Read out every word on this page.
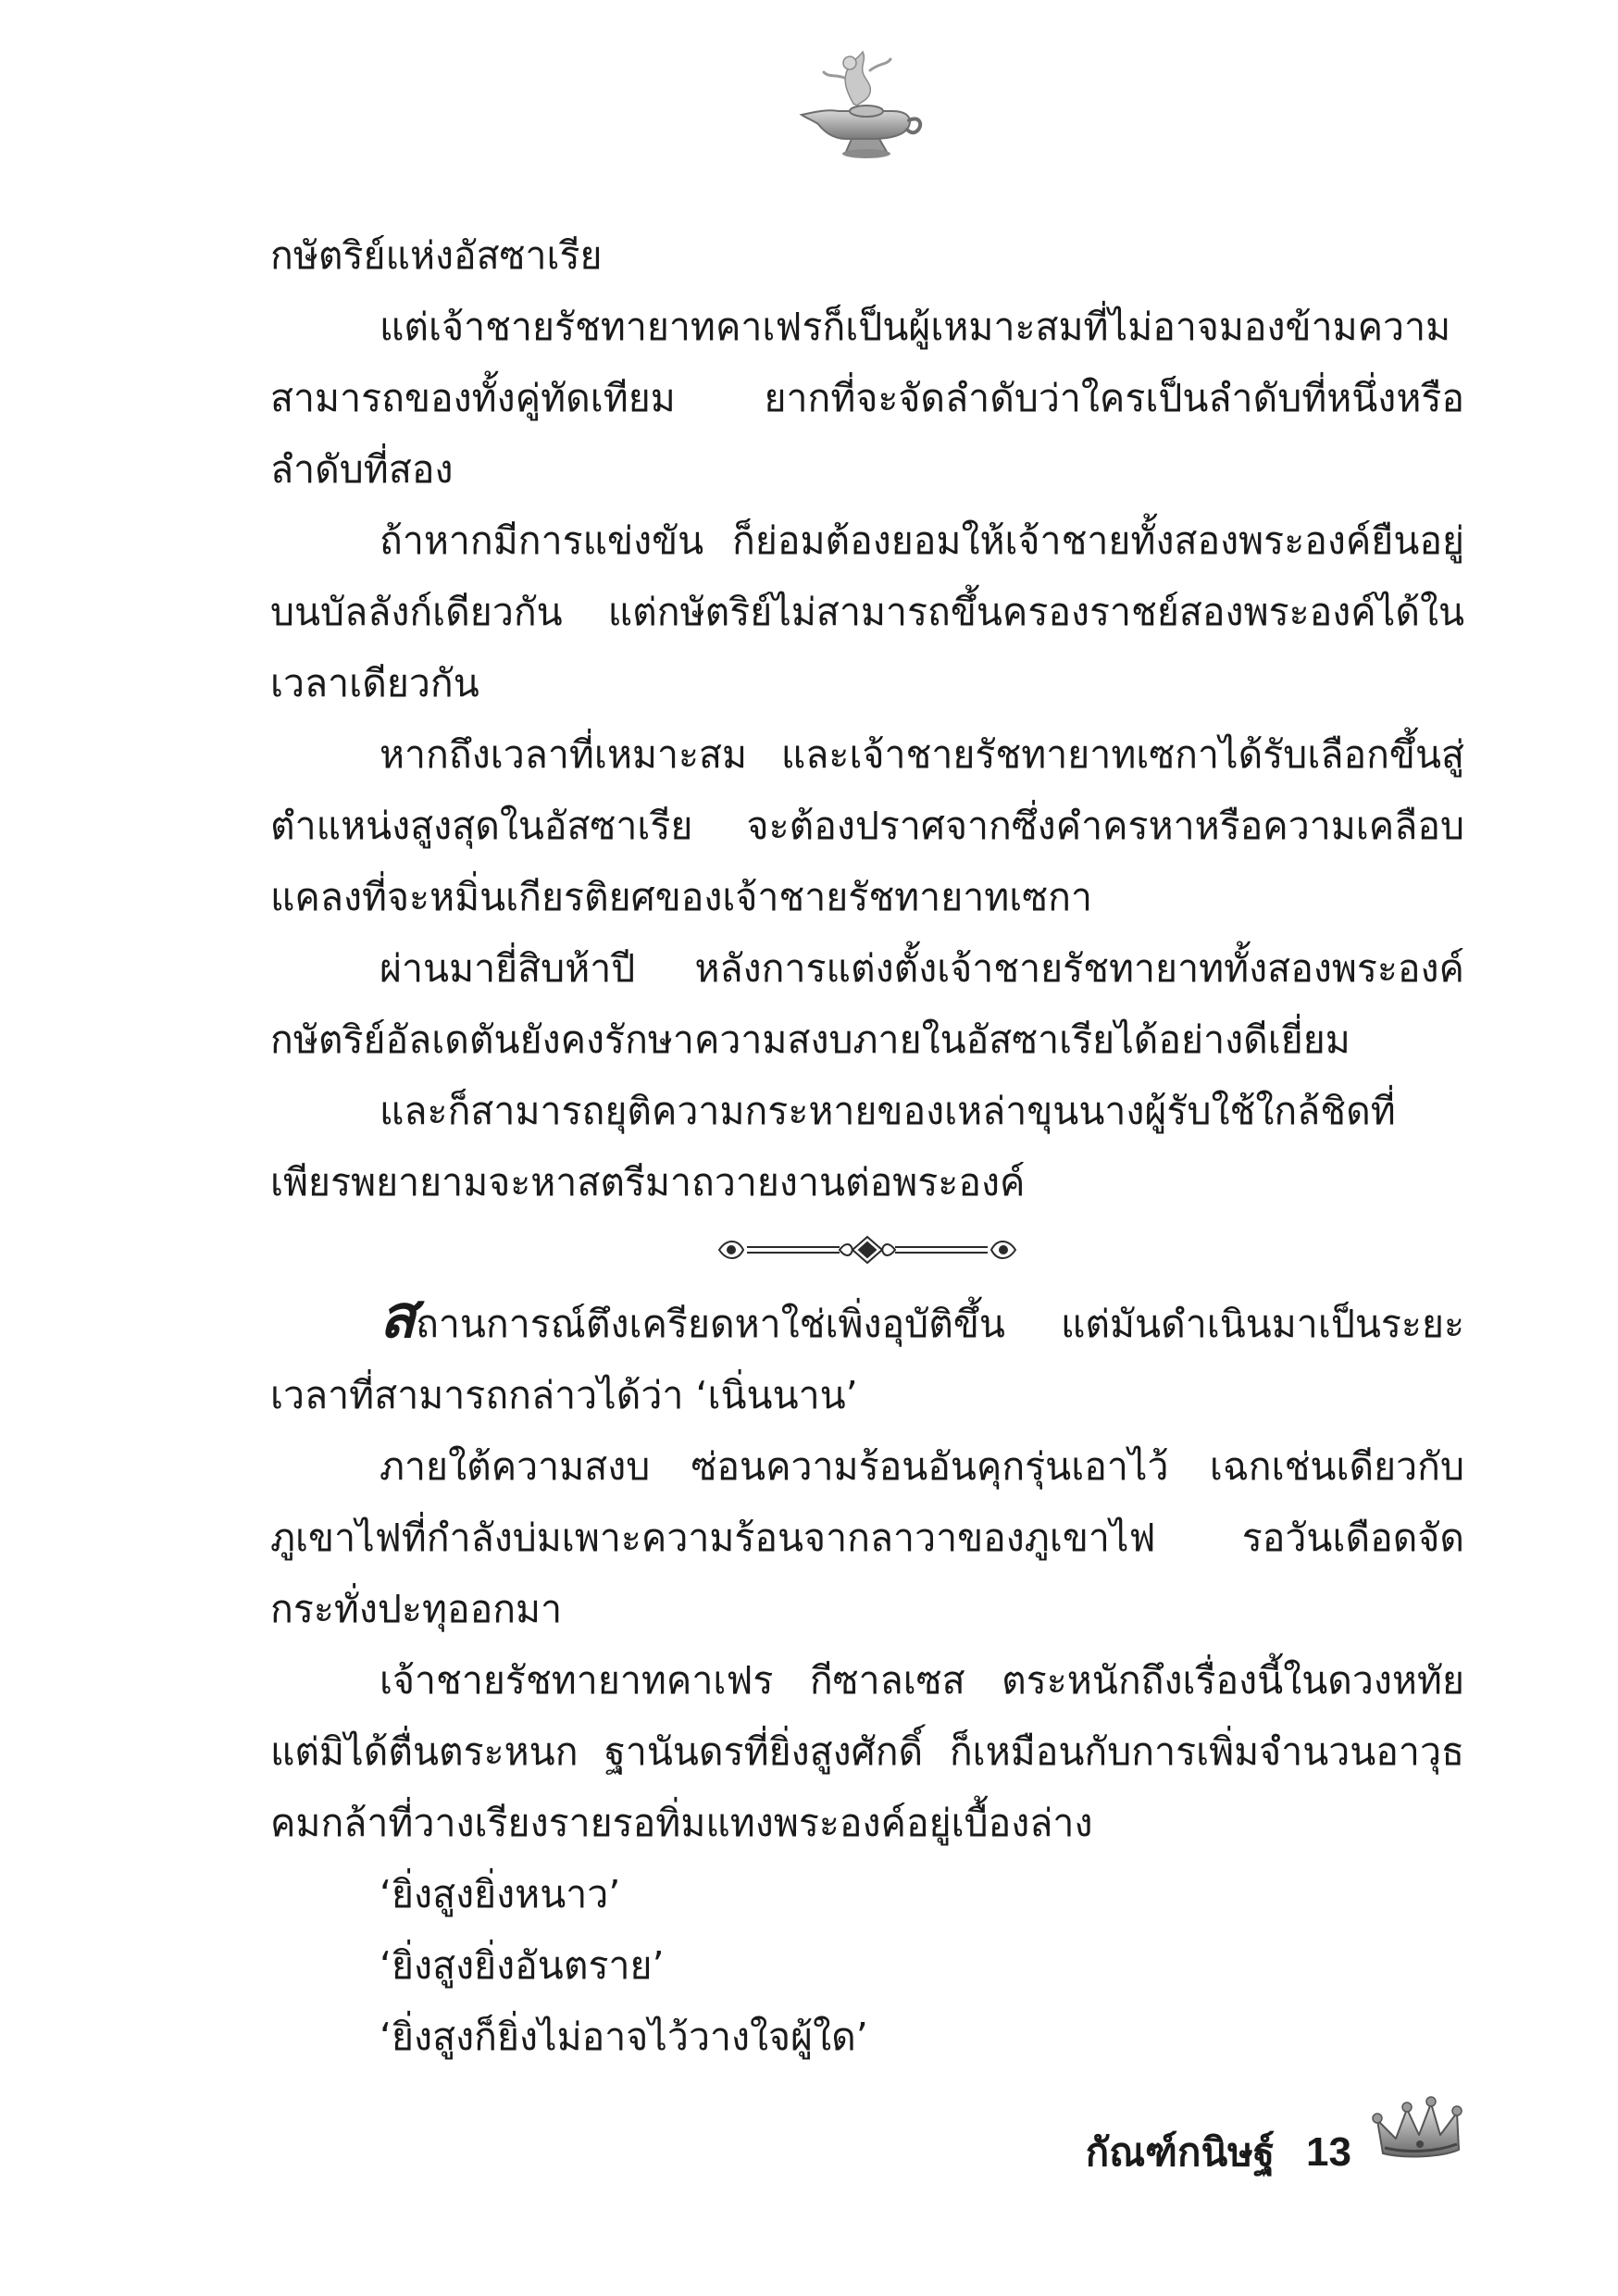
กษัตริย์แห่งอัสซาเรีย

แต่เจ้าชายรัชทายาทคาเฟรก็เป็นผู้เหมาะสมที่ไม่อาจมองข้ามความสามารถของทั้งคู่ทัดเทียม ยากที่จะจัดลำดับว่าใครเป็นลำดับที่หนึ่งหรือลำดับที่สอง

ถ้าหากมีการแข่งขัน ก็ย่อมต้องยอมให้เจ้าชายทั้งสองพระองค์ยืนอยู่บนบัลลังก์เดียวกัน แต่กษัตริย์ไม่สามารถขึ้นครองราชย์สองพระองค์ได้ในเวลาเดียวกัน

หากถึงเวลาที่เหมาะสม และเจ้าชายรัชทายาทเซกาได้รับเลือกขึ้นสู่ตำแหน่งสูงสุดในอัสซาเรีย จะต้องปราศจากซึ่งคำครหาหรือความเคลือบแคลงที่จะหมิ่นเกียรติยศของเจ้าชายรัชทายาทเซกา

ผ่านมายี่สิบห้าปี หลังการแต่งตั้งเจ้าชายรัชทายาททั้งสองพระองค์กษัตริย์อัลเดตันยังคงรักษาความสงบภายในอัสซาเรียได้อย่างดีเยี่ยม

และก็สามารถยุติความกระหายของเหล่าขุนนางผู้รับใช้ใกล้ชิดที่เพียรพยายามจะหาสตรีมาถวายงานต่อพระองค์

สถานการณ์ตึงเครียดหาใช่เพิ่งอุบัติขึ้น แต่มันดำเนินมาเป็นระยะเวลาที่สามารถกล่าวได้ว่า ‘เนิ่นนาน’

ภายใต้ความสงบ ซ่อนความร้อนอันคุกรุ่นเอาไว้ เฉกเช่นเดียวกับภูเขาไฟที่กำลังบ่มเพาะความร้อนจากลาวาของภูเขาไฟ รอวันเดือดจัดกระทั่งปะทุออกมา

เจ้าชายรัชทายาทคาเฟร กีซาลเซส ตระหนักถึงเรื่องนี้ในดวงหทัยแต่มิได้ตื่นตระหนก ฐานันดรที่ยิ่งสูงศักดิ์ ก็เหมือนกับการเพิ่มจำนวนอาวุธคมกล้าที่วางเรียงรายรอทิ่มแทงพระองค์อยู่เบื้องล่าง

‘ยิ่งสูงยิ่งหนาว’

‘ยิ่งสูงยิ่งอันตราย’

‘ยิ่งสูงก็ยิ่งไม่อาจไว้วางใจผู้ใด’

กัณฑ์กนิษฐ์ 13
